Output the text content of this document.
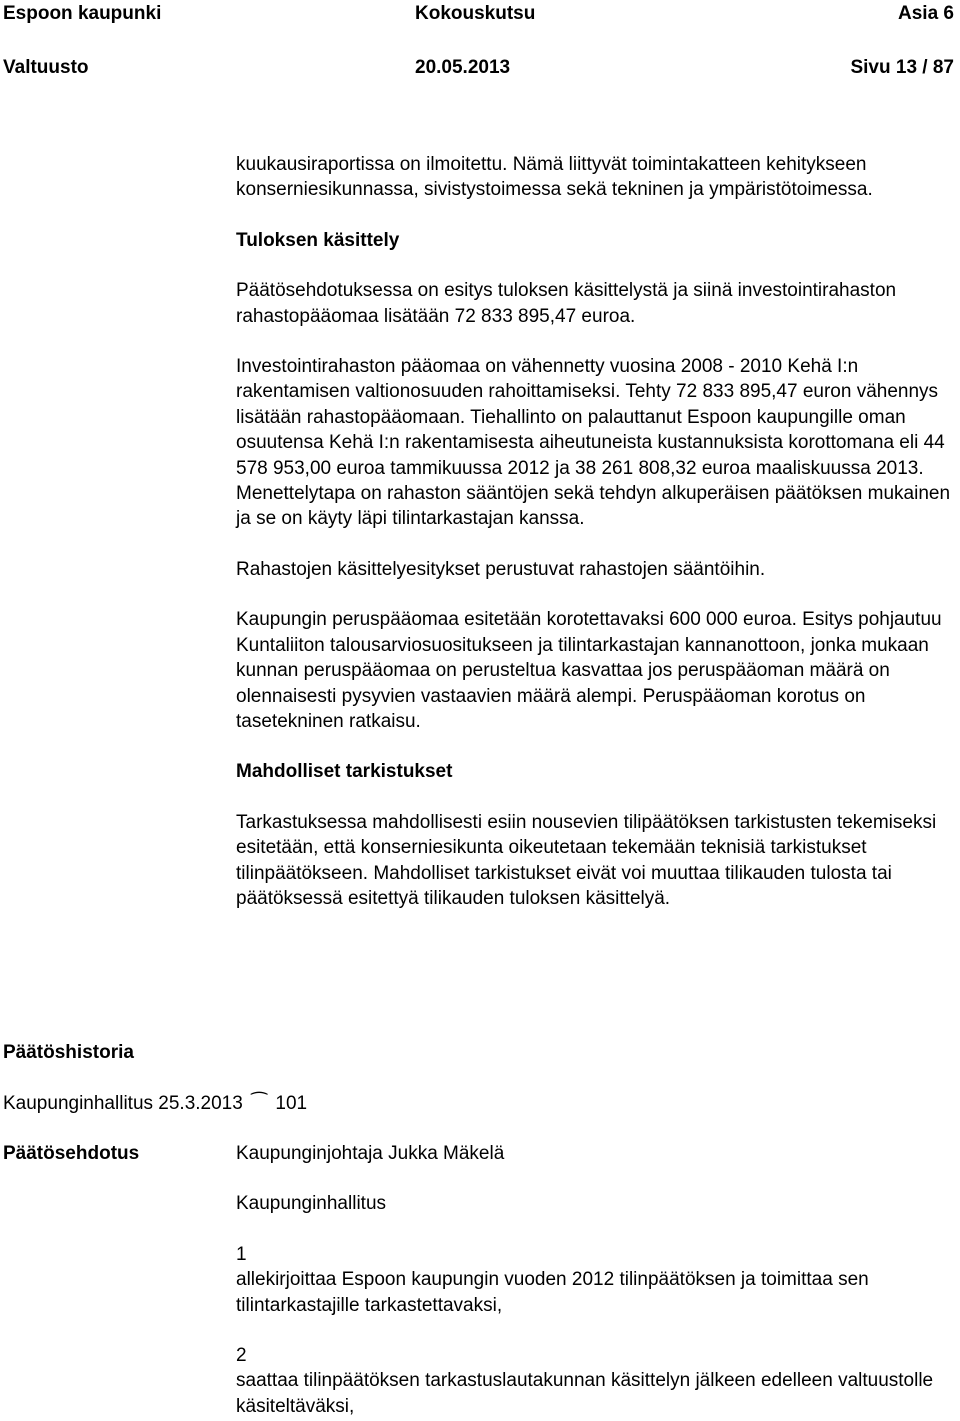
Espoon kaupunki	Kokouskutsu	Asia 6
Valtuusto	20.05.2013	Sivu 13 / 87

kuukausiraportissa on ilmoitettu. Nämä liittyvät toimintakatteen kehitykseen konserniesikunnassa, sivistystoimessa sekä tekninen ja ympäristötoimessa.

Tuloksen käsittely

Päätösehdotuksessa on esitys tuloksen käsittelystä ja siinä investointirahaston rahastopääomaa lisätään 72 833 895,47 euroa.

Investointirahaston pääomaa on vähennetty vuosina 2008 - 2010 Kehä I:n rakentamisen valtionosuuden rahoittamiseksi. Tehty 72 833 895,47 euron vähennys lisätään rahastopääomaan. Tiehallinto on palauttanut Espoon kaupungille oman osuutensa Kehä I:n rakentamisesta aiheutuneista kustannuksista korottomana eli 44 578 953,00 euroa tammikuussa 2012 ja 38 261 808,32 euroa maaliskuussa 2013. Menettelytapa on rahaston sääntöjen sekä tehdyn alkuperäisen päätöksen mukainen ja se on käyty läpi tilintarkastajan kanssa.

Rahastojen käsittelyesitykset perustuvat rahastojen sääntöihin.

Kaupungin peruspääomaa esitetään korotettavaksi 600 000 euroa. Esitys pohjautuu Kuntaliiton talousarviosuositukseen ja tilintarkastajan kannanottoon, jonka mukaan kunnan peruspääomaa on perusteltua kasvattaa jos peruspääoman määrä on olennaisesti pysyvien vastaavien määrä alempi. Peruspääoman korotus on tasetekninen ratkaisu.

Mahdolliset tarkistukset

Tarkastuksessa mahdollisesti esiin nousevien tilipäätöksen tarkistusten tekemiseksi esitetään, että konserniesikunta oikeutetaan tekemään teknisiä tarkistukset tilinpäätökseen. Mahdolliset tarkistukset eivät voi muuttaa tilikauden tulosta tai päätöksessä esitettyä tilikauden tuloksen käsittelyä.

Päätöshistoria
Kaupunginhallitus 25.3.2013 ⁀ 101
Päätösehdotus	Kaupunginjohtaja Jukka Mäkelä

Kaupunginhallitus

1

allekirjoittaa Espoon kaupungin vuoden 2012 tilinpäätöksen ja toimittaa sen tilintarkastajille tarkastettavaksi,

2

saattaa tilinpäätöksen tarkastuslautakunnan käsittelyn jälkeen edelleen valtuustolle käsiteltäväksi,
